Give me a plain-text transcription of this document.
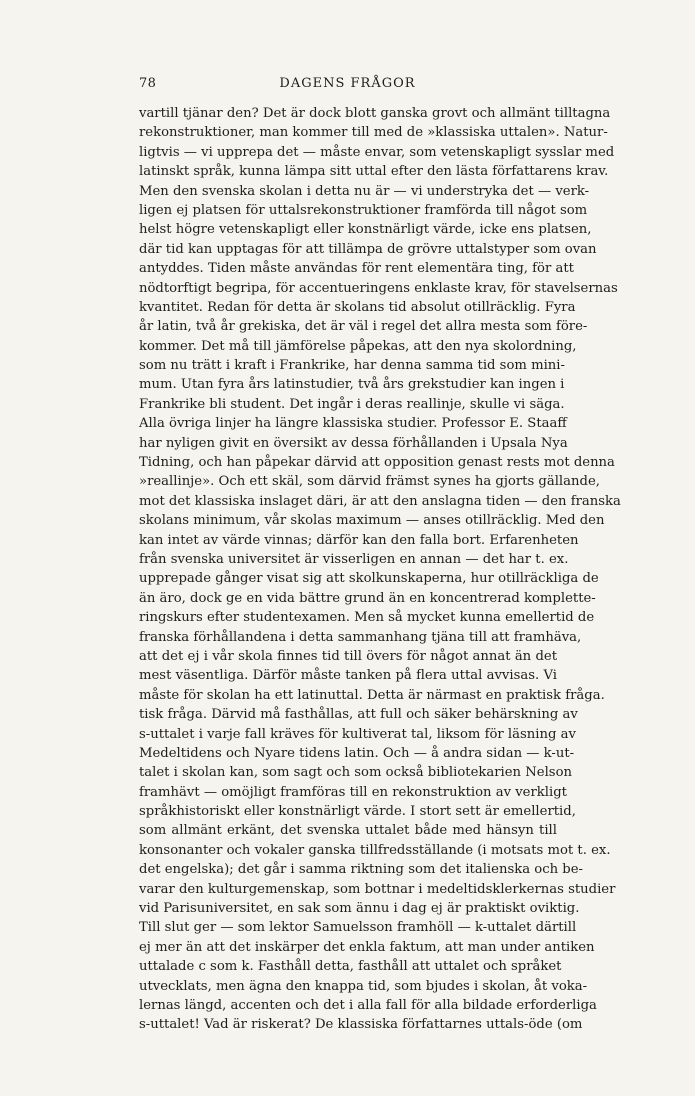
78	DAGENS FRÅGOR
vartill tjänar den? Det är dock blott ganska grovt och allmänt tilltagna
rekonstruktioner, man kommer till med de »klassiska uttalen». Natur-
ligtvis — vi upprepa det — måste envar, som vetenskapligt sysslar med
latinskt språk, kunna lämpa sitt uttal efter den lästa författarens krav.
Men den svenska skolan i detta nu är — vi understryka det — verk-
ligen ej platsen för uttalsrekonstruktioner framförda till något som
helst högre vetenskapligt eller konstnärligt värde, icke ens platsen,
där tid kan upptagas för att tillämpa de grövre uttalstyper som ovan
antyddes. Tiden måste användas för rent elementära ting, för att
nödtorftigt begripa, för accentueringens enklaste krav, för stavelsernas
kvantitet. Redan för detta är skolans tid absolut otillräcklig. Fyra
år latin, två år grekiska, det är väl i regel det allra mesta som före-
kommer. Det må till jämförelse påpekas, att den nya skolordning,
som nu trätt i kraft i Frankrike, har denna samma tid som mini-
mum. Utan fyra års latinstudier, två års grekstudier kan ingen i
Frankrike bli student. Det ingår i deras reallinje, skulle vi säga.
Alla övriga linjer ha längre klassiska studier. Professor E. Staaff
har nyligen givit en översikt av dessa förhållanden i Upsala Nya
Tidning, och han påpekar därvid att opposition genast rests mot denna
»reallinje». Och ett skäl, som därvid främst synes ha gjorts gällande,
mot det klassiska inslaget däri, är att den anslagna tiden — den franska
skolans minimum, vår skolas maximum — anses otillräcklig. Med den
kan intet av värde vinnas; därför kan den falla bort. Erfarenheten
från svenska universitet är visserligen en annan — det har t. ex.
upprepade gånger visat sig att skolkunskaperna, hur otillräckliga de
än äro, dock ge en vida bättre grund än en koncentrerad komplette-
ringskurs efter studentexamen. Men så mycket kunna emellertid de
franska förhållandena i detta sammanhang tjäna till att framhäva,
att det ej i vår skola finnes tid till övers för något annat än det
mest väsentliga. Därför måste tanken på flera uttal avvisas. Vi
måste för skolan ha ett latinuttal. Detta är närmast en praktisk fråga.
tisk fråga. Därvid må fasthållas, att full och säker behärskning av
s-uttalet i varje fall kräves för kultiverat tal, liksom för läsning av
Medeltidens och Nyare tidens latin. Och — å andra sidan — k-ut-
talet i skolan kan, som sagt och som också bibliotekarien Nelson
framhävt — omöjligt framföras till en rekonstruktion av verkligt
språkhistoriskt eller konstnärligt värde. I stort sett är emellertid,
som allmänt erkänt, det svenska uttalet både med hänsyn till
konsonanter och vokaler ganska tillfredsställande (i motsats mot t. ex.
det engelska); det går i samma riktning som det italienska och be-
varar den kulturgemenskap, som bottnar i medeltidsklerkernas studier
vid Parisuniversitet, en sak som ännu i dag ej är praktiskt oviktig.
Till slut ger — som lektor Samuelsson framhöll — k-uttalet därtill
ej mer än att det inskärper det enkla faktum, att man under antiken
uttalade c som k. Fasthåll detta, fasthåll att uttalet och språket
utvecklats, men ägna den knappa tid, som bjudes i skolan, åt voka-
lernas längd, accenten och det i alla fall för alla bildade erforderliga
s-uttalet! Vad är riskerat? De klassiska författarnes uttals-öde (om
